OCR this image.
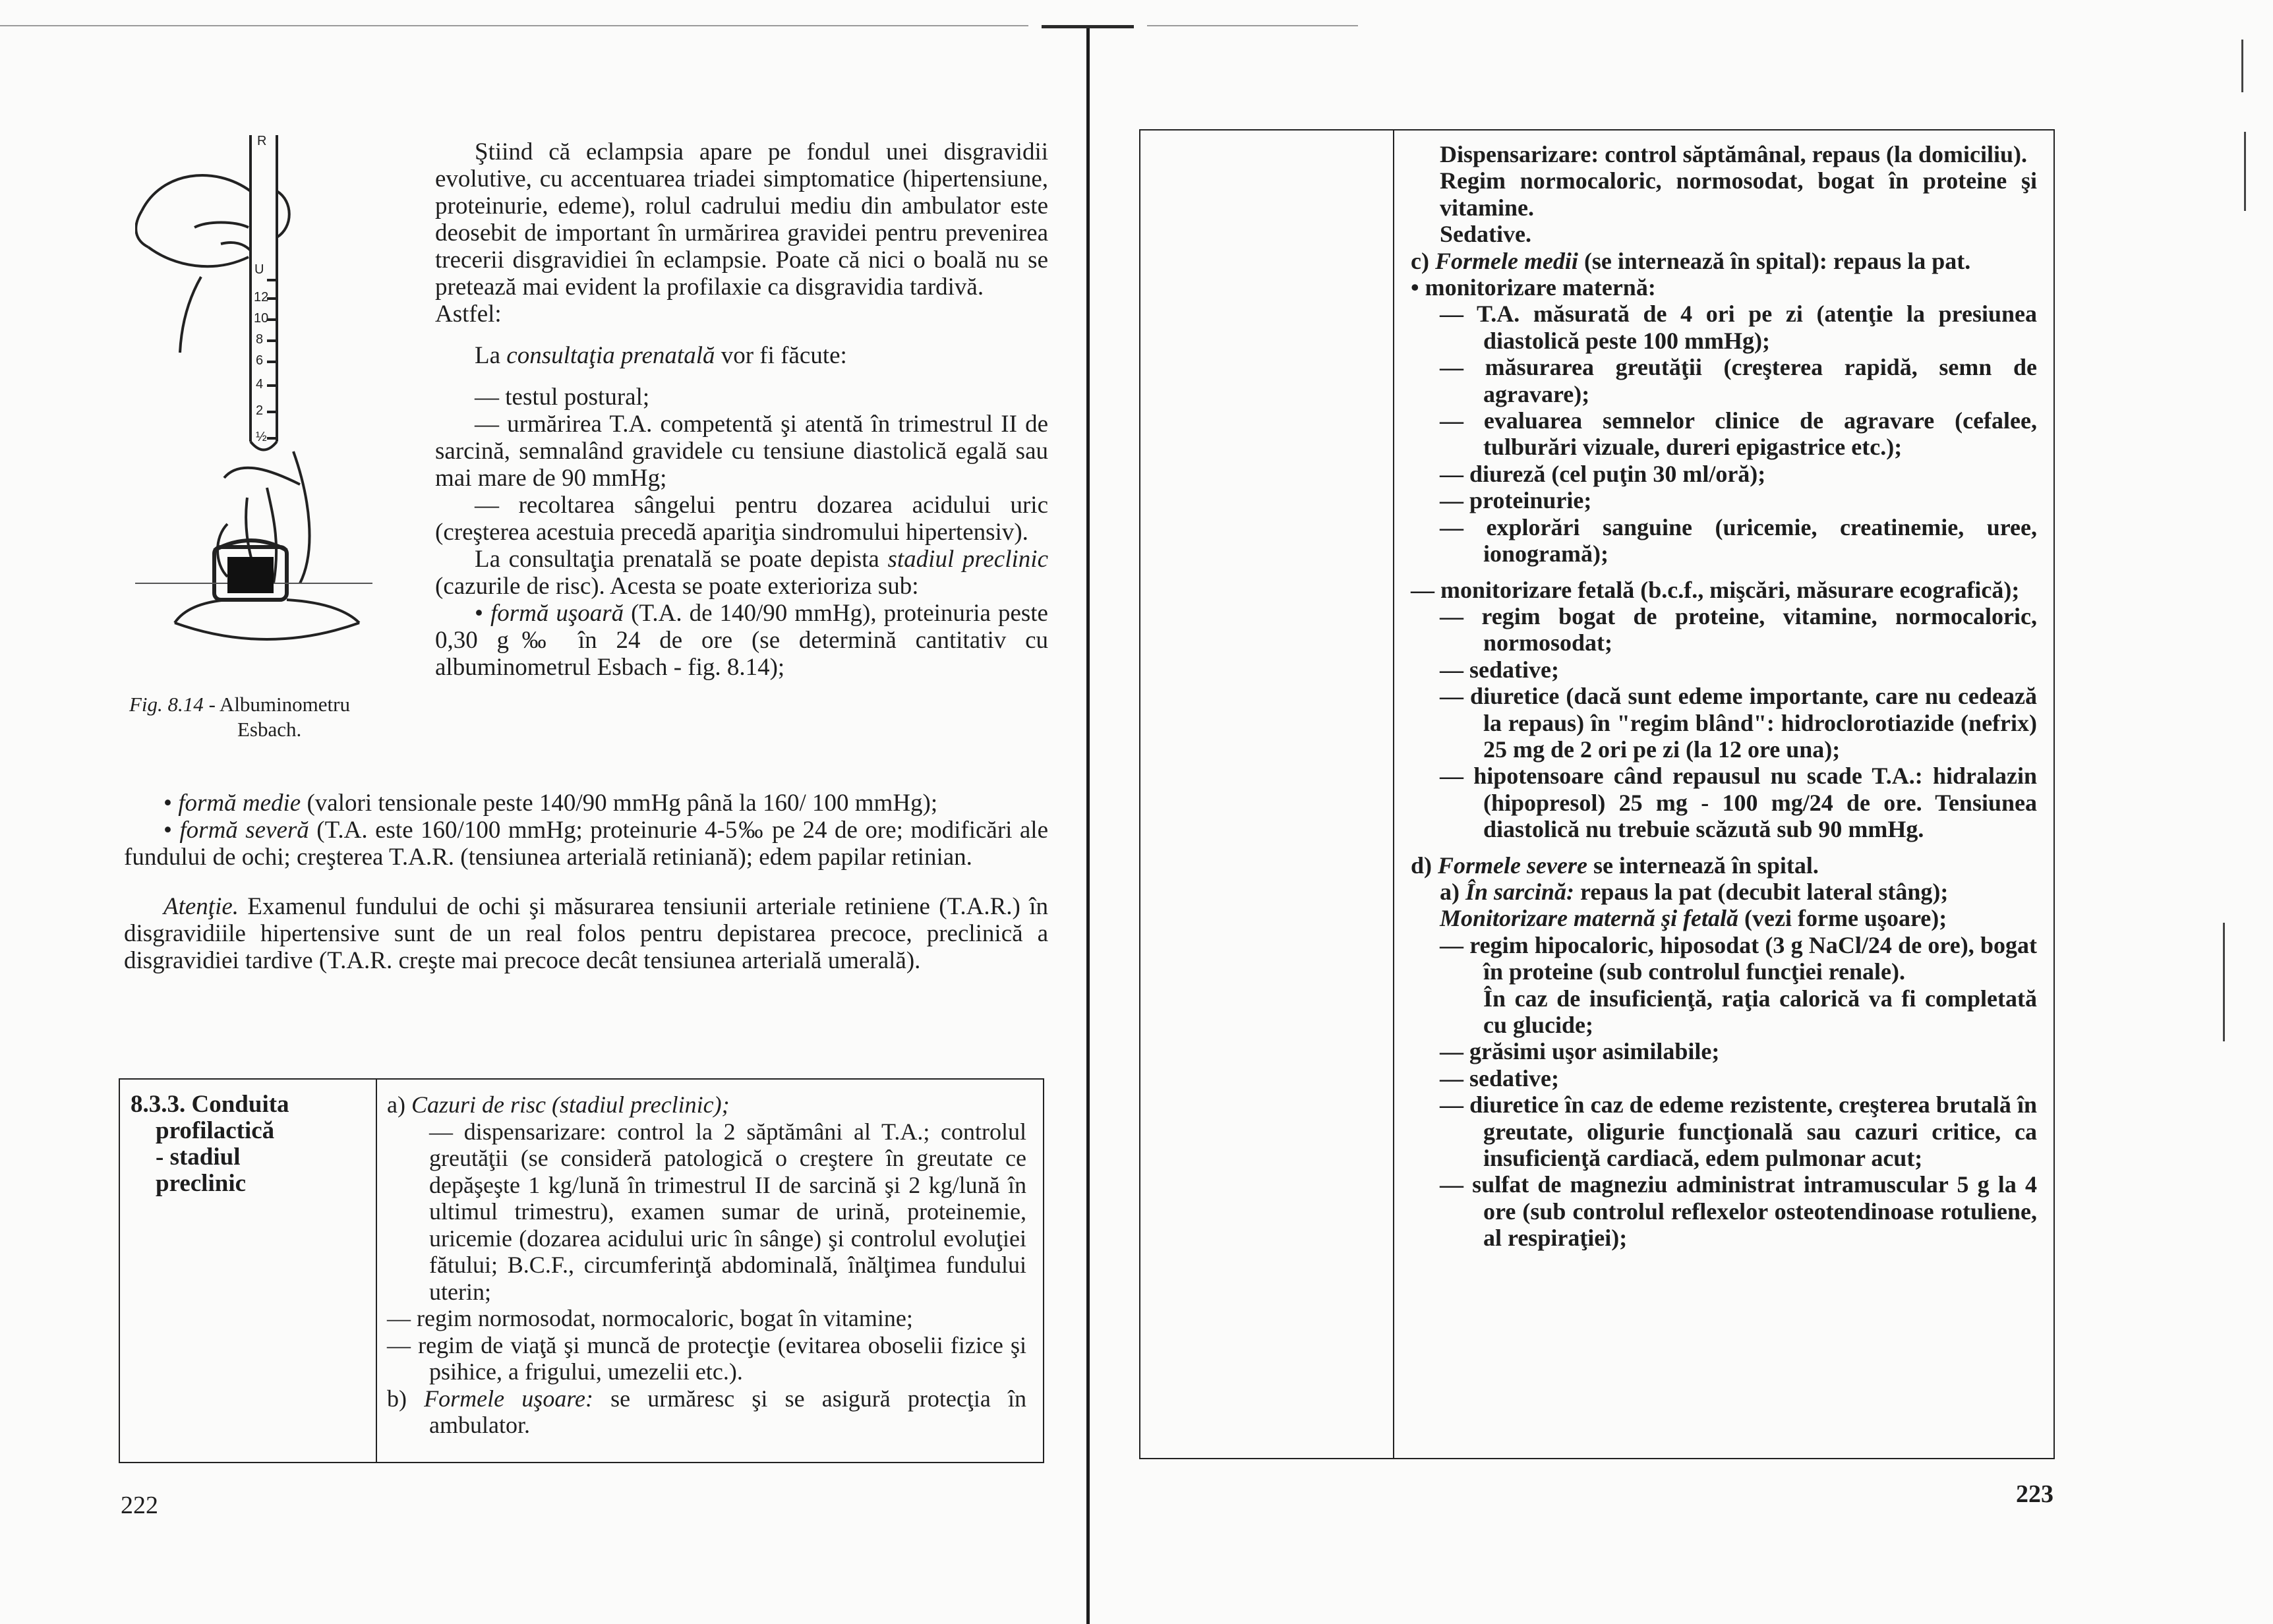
R
U
12
10
8
6
4
2
½
Fig. 8.14 - Albuminometru
Esbach.

Ştiind că eclampsia apare pe fondul unei disgravidii evolutive, cu accentuarea triadei simptomatice (hipertensiune, proteinurie, edeme), rolul cadrului mediu din ambulator este deosebit de important în urmărirea gravidei pentru prevenirea trecerii disgravidiei în eclampsie. Poate că nici o boală nu se pretează mai evident la profilaxie ca disgravidia tardivă.

Astfel:

La consultaţia prenatală vor fi făcute:

— testul postural;

— urmărirea T.A. competentă şi atentă în trimestrul II de sarcină, semnalând gravidele cu tensiune diastolică egală sau mai mare de 90 mmHg;

— recoltarea sângelui pentru dozarea acidului uric (creşterea acestuia precedă apariţia sindromului hipertensiv).

La consultaţia prenatală se poate depista stadiul preclinic (cazurile de risc). Acesta se poate exterioriza sub:

• formă uşoară (T.A. de 140/90 mmHg), proteinuria peste 0,30 g‰ în 24 de ore (se determină cantitativ cu albuminometrul Esbach - fig. 8.14);

• formă medie (valori tensionale peste 140/90 mmHg până la 160/ 100 mmHg);

• formă severă (T.A. este 160/100 mmHg; proteinurie 4-5‰ pe 24 de ore; modificări ale fundului de ochi; creşterea T.A.R. (tensiunea arterială retiniană); edem papilar retinian.

Atenţie. Examenul fundului de ochi şi măsurarea tensiunii arteriale retiniene (T.A.R.) în disgravidiile hipertensive sunt de un real folos pentru depistarea precoce, preclinică a disgravidiei tardive (T.A.R. creşte mai precoce decât tensiunea arterială umerală).

8.3.3. Conduita
profilactică
- stadiul
preclinic

a) Cazuri de risc (stadiul preclinic);

— dispensarizare: control la 2 săptămâni al T.A.; controlul greutăţii (se consideră patologică o creştere în greutate ce depăşeşte 1 kg/lună în trimestrul II de sarcină şi 2 kg/lună în ultimul trimestru), examen sumar de urină, proteinemie, uricemie (dozarea acidului uric în sânge) şi controlul evoluţiei fătului; B.C.F., circumferinţă abdominală, înălţimea fundului uterin;

— regim normosodat, normocaloric, bogat în vitamine;

— regim de viaţă şi muncă de protecţie (evitarea oboselii fizice şi psihice, a frigului, umezelii etc.).

b) Formele uşoare: se urmăresc şi se asigură protecţia în ambulator.

222

Dispensarizare: control săptămânal, repaus (la domiciliu).

Regim normocaloric, normosodat, bogat în proteine şi vitamine.

Sedative.

c) Formele medii (se internează în spital): repaus la pat.

• monitorizare maternă:

— T.A. măsurată de 4 ori pe zi (atenţie la presiunea diastolică peste 100 mmHg);

— măsurarea greutăţii (creşterea rapidă, semn de agravare);

— evaluarea semnelor clinice de agravare (cefalee, tulburări vizuale, dureri epigastrice etc.);

— diureză (cel puţin 30 ml/oră);

— proteinurie;

— explorări sanguine (uricemie, creatinemie, uree, ionogramă);

— monitorizare fetală (b.c.f., mişcări, măsurare ecografică);

— regim bogat de proteine, vitamine, normocaloric, normosodat;

— sedative;

— diuretice (dacă sunt edeme importante, care nu cedează la repaus) în "regim blând": hidroclorotiazide (nefrix) 25 mg de 2 ori pe zi (la 12 ore una);

— hipotensoare când repausul nu scade T.A.: hidralazin (hipopresol) 25 mg - 100 mg/24 de ore. Tensiunea diastolică nu trebuie scăzută sub 90 mmHg.

d) Formele severe se internează în spital.

a) În sarcină: repaus la pat (decubit lateral stâng);

Monitorizare maternă şi fetală (vezi forme uşoare);

— regim hipocaloric, hiposodat (3 g NaCl/24 de ore), bogat în proteine (sub controlul funcţiei renale).

În caz de insuficienţă, raţia calorică va fi completată cu glucide;

— grăsimi uşor asimilabile;

— sedative;

— diuretice în caz de edeme rezistente, creşterea brutală în greutate, oligurie funcţională sau cazuri critice, ca insuficienţă cardiacă, edem pulmonar acut;

— sulfat de magneziu administrat intramuscular 5 g la 4 ore (sub controlul reflexelor osteotendinoase rotuliene, al respiraţiei);

223
